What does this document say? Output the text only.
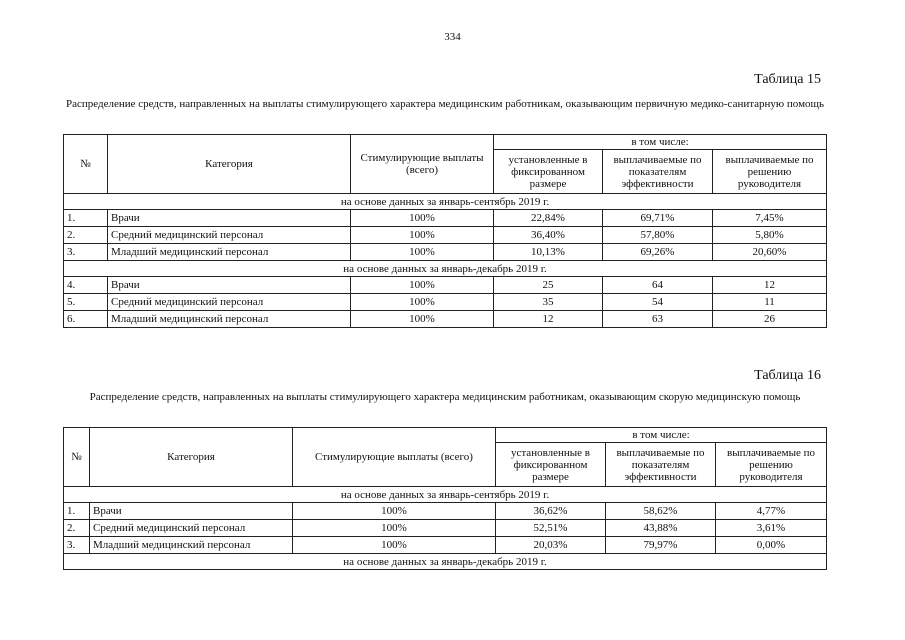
334
Таблица 15
Распределение средств, направленных на выплаты стимулирующего характера медицинским работникам, оказывающим первичную медико-санитарную помощь
№	Категория	Стимулирующие выплаты (всего)	в том числе:		
			установленные в фиксированном размере	выплачиваемые по показателям эффективности	выплачиваемые по решению руководителя
на основе данных за январь-сентябрь 2019 г.					
1.	Врачи	100%	22,84%	69,71%	7,45%
2.	Средний медицинский персонал	100%	36,40%	57,80%	5,80%
3.	Младший медицинский персонал	100%	10,13%	69,26%	20,60%
на основе данных за январь-декабрь 2019 г.					
4.	Врачи	100%	25	64	12
5.	Средний медицинский персонал	100%	35	54	11
6.	Младший медицинский персонал	100%	12	63	26
Таблица 16
Распределение средств, направленных на выплаты стимулирующего характера медицинским работникам, оказывающим скорую медицинскую помощь
№	Категория	Стимулирующие выплаты (всего)	в том числе:		
			установленные в фиксированном размере	выплачиваемые по показателям эффективности	выплачиваемые по решению руководителя
на основе данных за январь-сентябрь 2019 г.					
1.	Врачи	100%	36,62%	58,62%	4,77%
2.	Средний медицинский персонал	100%	52,51%	43,88%	3,61%
3.	Младший медицинский персонал	100%	20,03%	79,97%	0,00%
на основе данных за январь-декабрь 2019 г.					
